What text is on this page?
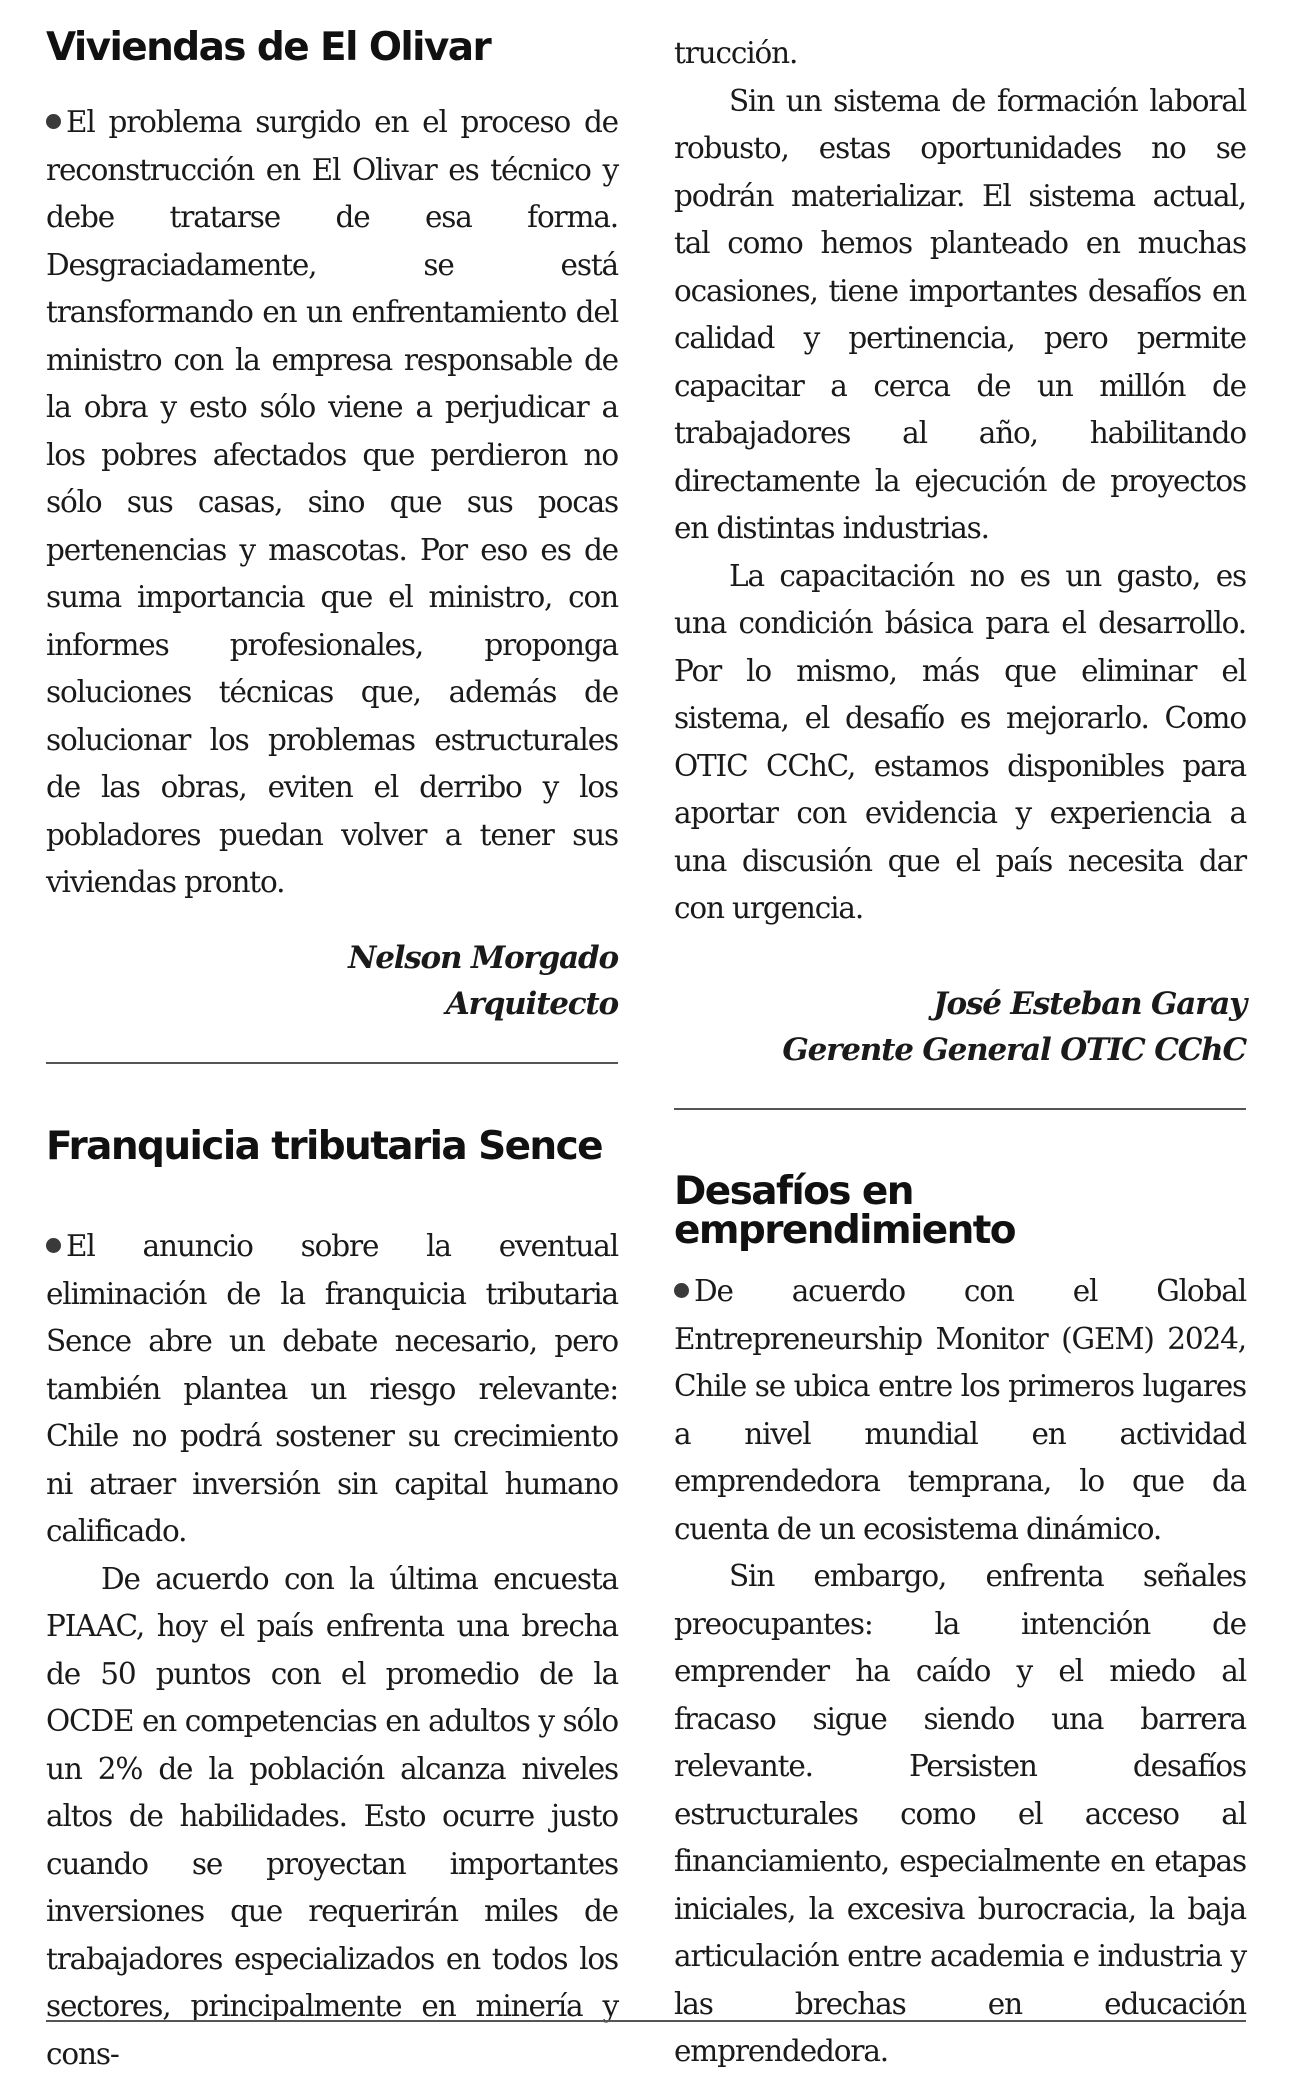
Viviendas de El Olivar

El problema surgido en el proceso de reconstrucción en El Olivar es técnico y debe tratarse de esa forma. Desgraciadamente, se está transformando en un enfrentamiento del ministro con la empresa responsable de la obra y esto sólo viene a perjudicar a los pobres afectados que perdieron no sólo sus casas, sino que sus pocas pertenencias y mascotas. Por eso es de suma importancia que el ministro, con informes profesionales, proponga soluciones técnicas que, además de solucionar los problemas estructurales de las obras, eviten el derribo y los pobladores puedan volver a tener sus viviendas pronto.

Nelson Morgado
Arquitecto
Franquicia tributaria Sence

El anuncio sobre la eventual eliminación de la franquicia tributaria Sence abre un debate necesario, pero también plantea un riesgo relevante: Chile no podrá sostener su crecimiento ni atraer inversión sin capital humano calificado.

De acuerdo con la última encuesta PIAAC, hoy el país enfrenta una brecha de 50 puntos con el promedio de la OCDE en competencias en adultos y sólo un 2% de la población alcanza niveles altos de habilidades. Esto ocurre justo cuando se proyectan importantes inversiones que requerirán miles de trabajadores especializados en todos los sectores, principalmente en minería y cons-

trucción.

Sin un sistema de formación laboral robusto, estas oportunidades no se podrán materializar. El sistema actual, tal como hemos planteado en muchas ocasiones, tiene importantes desafíos en calidad y pertinencia, pero permite capacitar a cerca de un millón de trabajadores al año, habilitando directamente la ejecución de proyectos en distintas industrias.

La capacitación no es un gasto, es una condición básica para el desarrollo. Por lo mismo, más que eliminar el sistema, el desafío es mejorarlo. Como OTIC CChC, estamos disponibles para aportar con evidencia y experiencia a una discusión que el país necesita dar con urgencia.

José Esteban Garay
Gerente General OTIC CChC
Desafíos en emprendimiento

De acuerdo con el Global Entrepreneurship Monitor (GEM) 2024, Chile se ubica entre los primeros lugares a nivel mundial en actividad emprendedora temprana, lo que da cuenta de un ecosistema dinámico.

Sin embargo, enfrenta señales preocupantes: la intención de emprender ha caído y el miedo al fracaso sigue siendo una barrera relevante. Persisten desafíos estructurales como el acceso al financiamiento, especialmente en etapas iniciales, la excesiva burocracia, la baja articulación entre academia e industria y las brechas en educación emprendedora.
